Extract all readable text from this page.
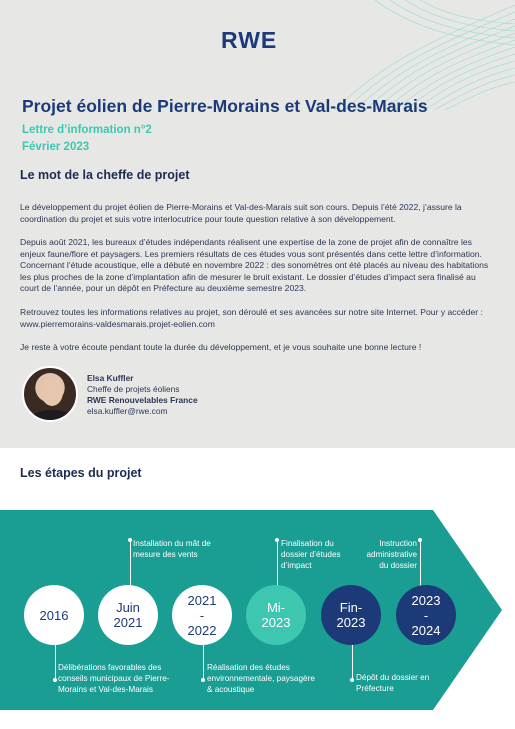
RWE
Projet éolien de Pierre-Morains et Val-des-Marais
Lettre d’information n°2
Février 2023
Le mot de la cheffe de projet

Le développement du projet éolien de Pierre-Morains et Val-des-Marais suit son cours. Depuis l’été 2022, j’assure la coordination du projet et suis votre interlocutrice pour toute question relative à son développement.

Depuis août 2021, les bureaux d’études indépendants réalisent une expertise de la zone de projet afin de connaître les enjeux faune/flore et paysagers. Les premiers résultats de ces études vous sont présentés dans cette lettre d’information. Concernant l’étude acoustique, elle a débuté en novembre 2022 : des sonomètres ont été placés au niveau des habitations les plus proches de la zone d’implantation afin de mesurer le bruit existant. Le dossier d’études d’impact sera finalisé au court de l’année, pour un dépôt en Préfecture au deuxième semestre 2023.

Retrouvez toutes les informations relatives au projet, son déroulé et ses avancées sur notre site Internet. Pour y accéder : www.pierremorains-valdesmarais.projet-eolien.com

Je reste à votre écoute pendant toute la durée du développement, et je vous souhaite une bonne lecture !

Elsa Kuffler
Cheffe de projets éoliens
RWE Renouvelables France
elsa.kuffler@rwe.com
Les étapes du projet
2016	Juin 2021
2021 - 2022
Mi- 2023
Fin- 2023
2023 - 2024
Installation du mât de mesure des vents
Finalisation du dossier d’études d’impact
Instruction administrative du dossier
Délibérations favorables des conseils municipaux de Pierre-Morains et Val-des-Marais
Réalisation des études environnementale, paysagère & acoustique
Dépôt du dossier en Préfecture
